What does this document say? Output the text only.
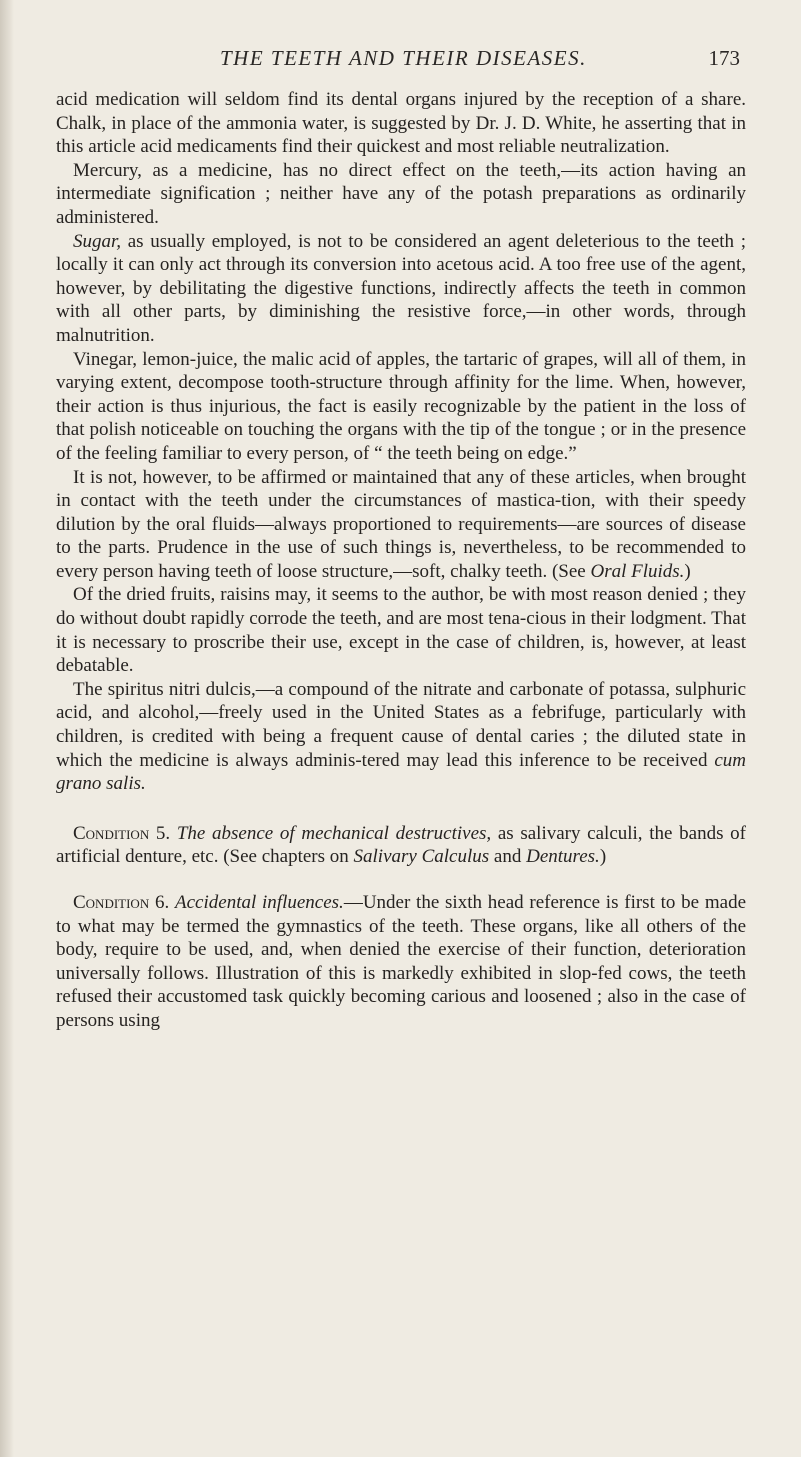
THE TEETH AND THEIR DISEASES.	173

acid medication will seldom find its dental organs injured by the reception of a share. Chalk, in place of the ammonia water, is suggested by Dr. J. D. White, he asserting that in this article acid medicaments find their quickest and most reliable neutralization.

Mercury, as a medicine, has no direct effect on the teeth,—its action having an intermediate signification ; neither have any of the potash preparations as ordinarily administered.

Sugar, as usually employed, is not to be considered an agent deleterious to the teeth ; locally it can only act through its conversion into acetous acid. A too free use of the agent, however, by debilitating the digestive functions, indirectly affects the teeth in common with all other parts, by diminishing the resistive force,—in other words, through malnutrition.

Vinegar, lemon-juice, the malic acid of apples, the tartaric of grapes, will all of them, in varying extent, decompose tooth-structure through affinity for the lime. When, however, their action is thus injurious, the fact is easily recognizable by the patient in the loss of that polish noticeable on touching the organs with the tip of the tongue ; or in the presence of the feeling familiar to every person, of “ the teeth being on edge.”

It is not, however, to be affirmed or maintained that any of these articles, when brought in contact with the teeth under the circumstances of mastica-tion, with their speedy dilution by the oral fluids—always proportioned to requirements—are sources of disease to the parts. Prudence in the use of such things is, nevertheless, to be recommended to every person having teeth of loose structure,—soft, chalky teeth. (See Oral Fluids.)

Of the dried fruits, raisins may, it seems to the author, be with most reason denied ; they do without doubt rapidly corrode the teeth, and are most tena-cious in their lodgment. That it is necessary to proscribe their use, except in the case of children, is, however, at least debatable.

The spiritus nitri dulcis,—a compound of the nitrate and carbonate of potassa, sulphuric acid, and alcohol,—freely used in the United States as a febrifuge, particularly with children, is credited with being a frequent cause of dental caries ; the diluted state in which the medicine is always adminis-tered may lead this inference to be received cum grano salis.

Condition 5. The absence of mechanical destructives, as salivary calculi, the bands of artificial denture, etc. (See chapters on Salivary Calculus and Dentures.)

Condition 6. Accidental influences.—Under the sixth head reference is first to be made to what may be termed the gymnastics of the teeth. These organs, like all others of the body, require to be used, and, when denied the exercise of their function, deterioration universally follows. Illustration of this is markedly exhibited in slop-fed cows, the teeth refused their accustomed task quickly becoming carious and loosened ; also in the case of persons using
